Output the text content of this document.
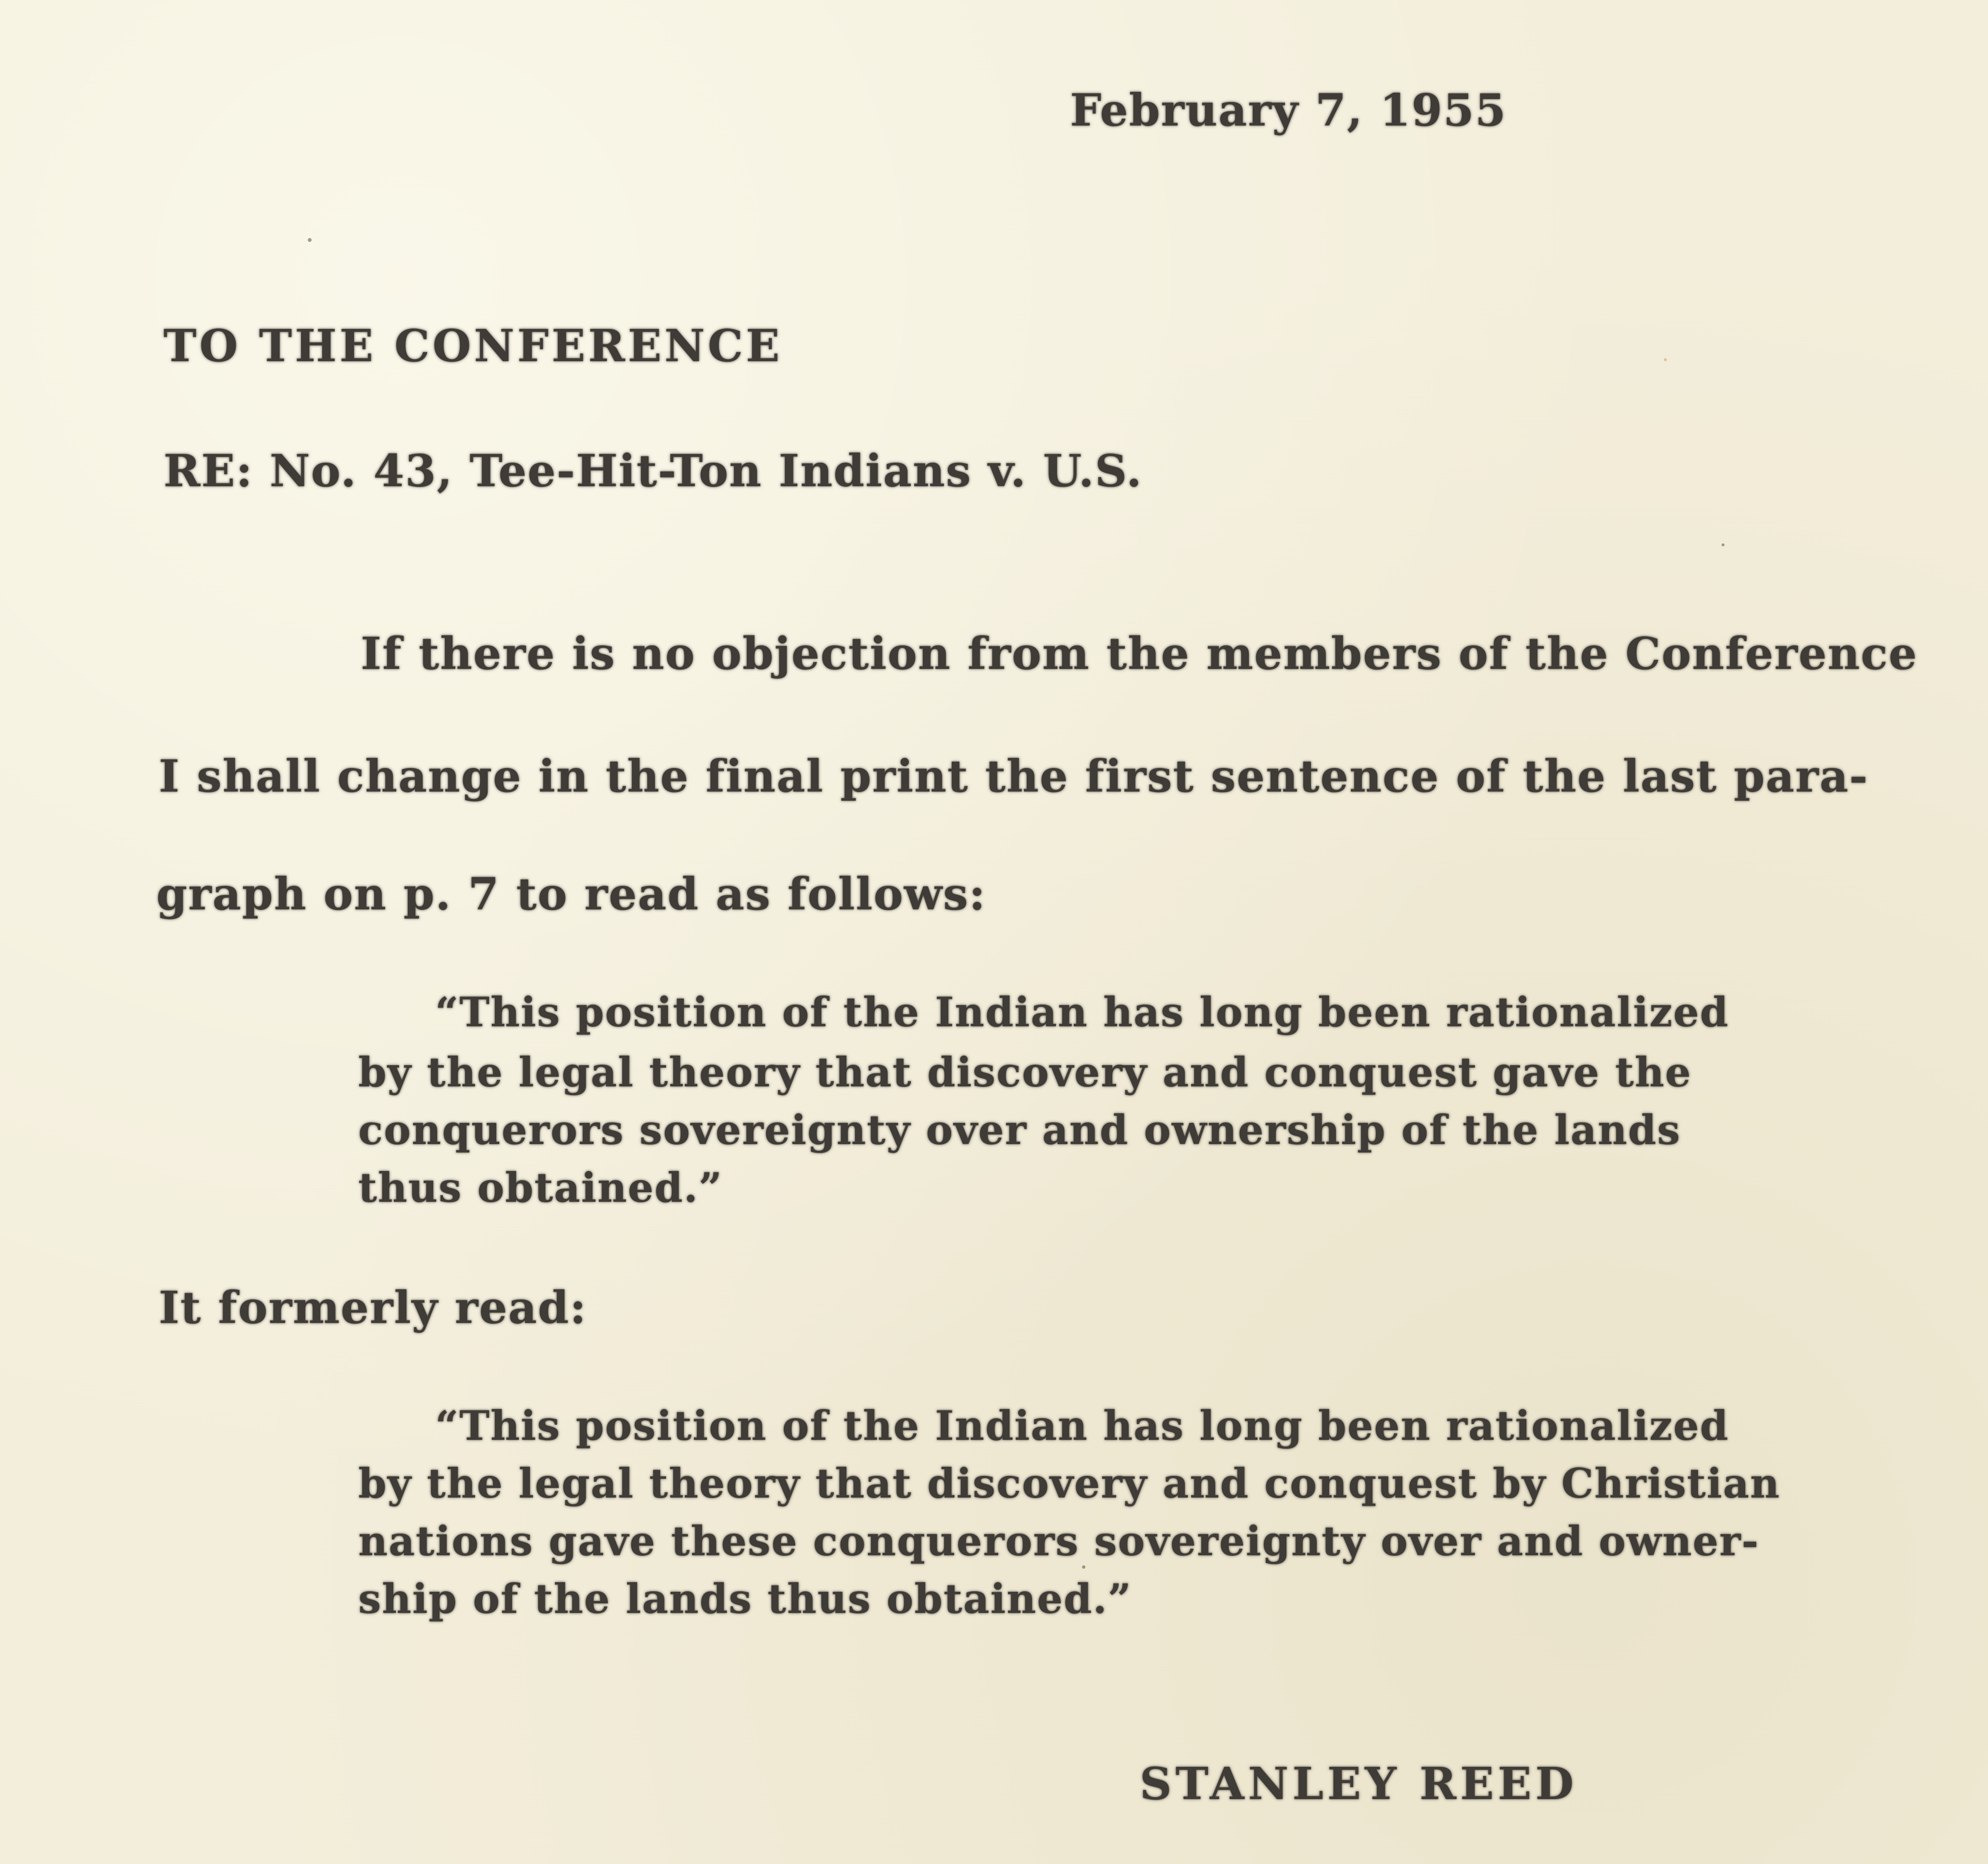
February 7, 1955

TO THE CONFERENCE

RE: No. 43, Tee-Hit-Ton Indians v. U.S.

If there is no objection from the members of the Conference

I shall change in the final print the first sentence of the last para-

graph on p. 7 to read as follows:

“This position of the Indian has long been rationalized

by the legal theory that discovery and conquest gave the

conquerors sovereignty over and ownership of the lands

thus obtained.”

It formerly read:

“This position of the Indian has long been rationalized

by the legal theory that discovery and conquest by Christian

nations gave these conquerors sovereignty over and owner-

ship of the lands thus obtained.”

STANLEY REED
